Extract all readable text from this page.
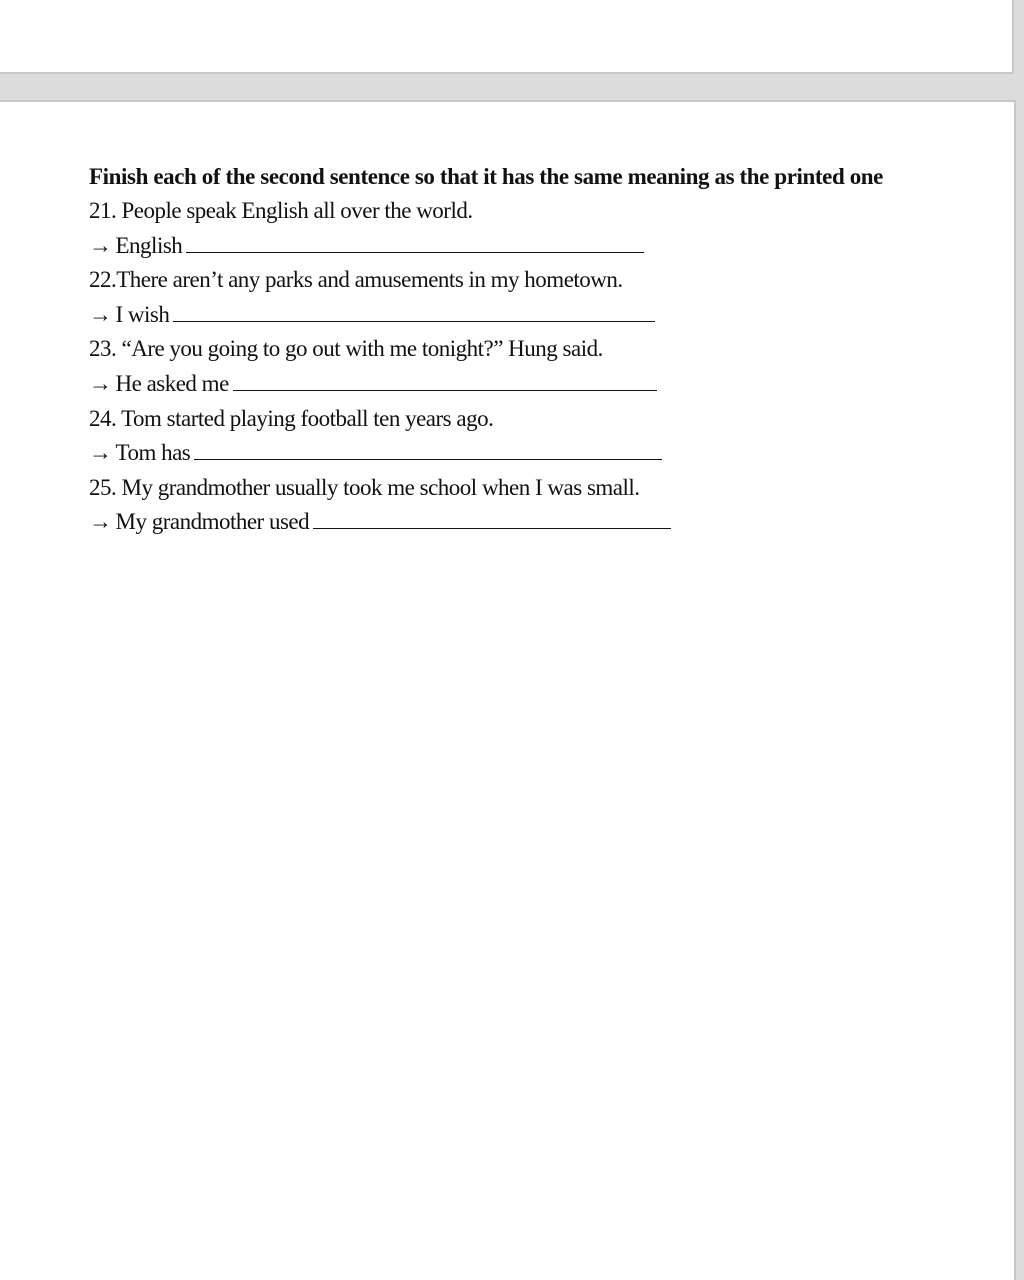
Finish each of the second sentence so that it has the same meaning as the printed one

21. People speak English all over the world.

→ English

22.There aren’t any parks and amusements in my hometown.

→ I wish

23. “Are you going to go out with me tonight?” Hung said.

→ He asked me

24. Tom started playing football ten years ago.

→ Tom has

25. My grandmother usually took me school when I was small.

→ My grandmother used
